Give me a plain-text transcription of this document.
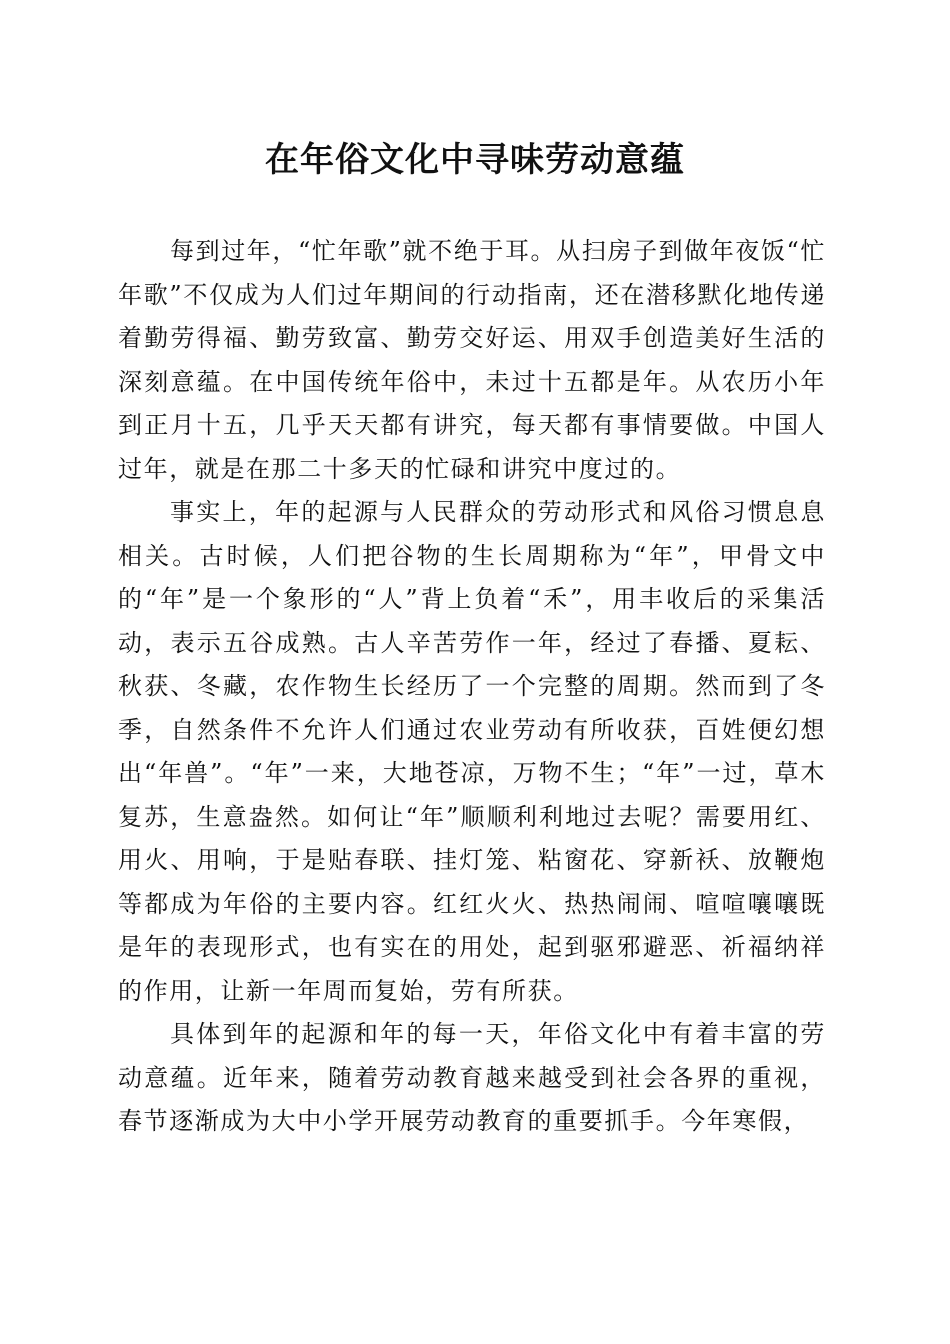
在年俗文化中寻味劳动意蕴

每到过年，“忙年歌”就不绝于耳。从扫房子到做年夜饭“忙年歌”不仅成为人们过年期间的行动指南，还在潜移默化地传递着勤劳得福、勤劳致富、勤劳交好运、用双手创造美好生活的深刻意蕴。在中国传统年俗中，未过十五都是年。从农历小年到正月十五，几乎天天都有讲究，每天都有事情要做。中国人过年，就是在那二十多天的忙碌和讲究中度过的。

事实上，年的起源与人民群众的劳动形式和风俗习惯息息相关。古时候，人们把谷物的生长周期称为“年”，甲骨文中的“年”是一个象形的“人”背上负着“禾”，用丰收后的采集活动，表示五谷成熟。古人辛苦劳作一年，经过了春播、夏耘、秋获、冬藏，农作物生长经历了一个完整的周期。然而到了冬季，自然条件不允许人们通过农业劳动有所收获，百姓便幻想出“年兽”。“年”一来，大地苍凉，万物不生；“年”一过，草木复苏，生意盎然。如何让“年”顺顺利利地过去呢？需要用红、用火、用响，于是贴春联、挂灯笼、粘窗花、穿新袄、放鞭炮等都成为年俗的主要内容。红红火火、热热闹闹、喧喧嚷嚷既是年的表现形式，也有实在的用处，起到驱邪避恶、祈福纳祥的作用，让新一年周而复始，劳有所获。

具体到年的起源和年的每一天，年俗文化中有着丰富的劳动意蕴。近年来，随着劳动教育越来越受到社会各界的重视，春节逐渐成为大中小学开展劳动教育的重要抓手。今年寒假，
